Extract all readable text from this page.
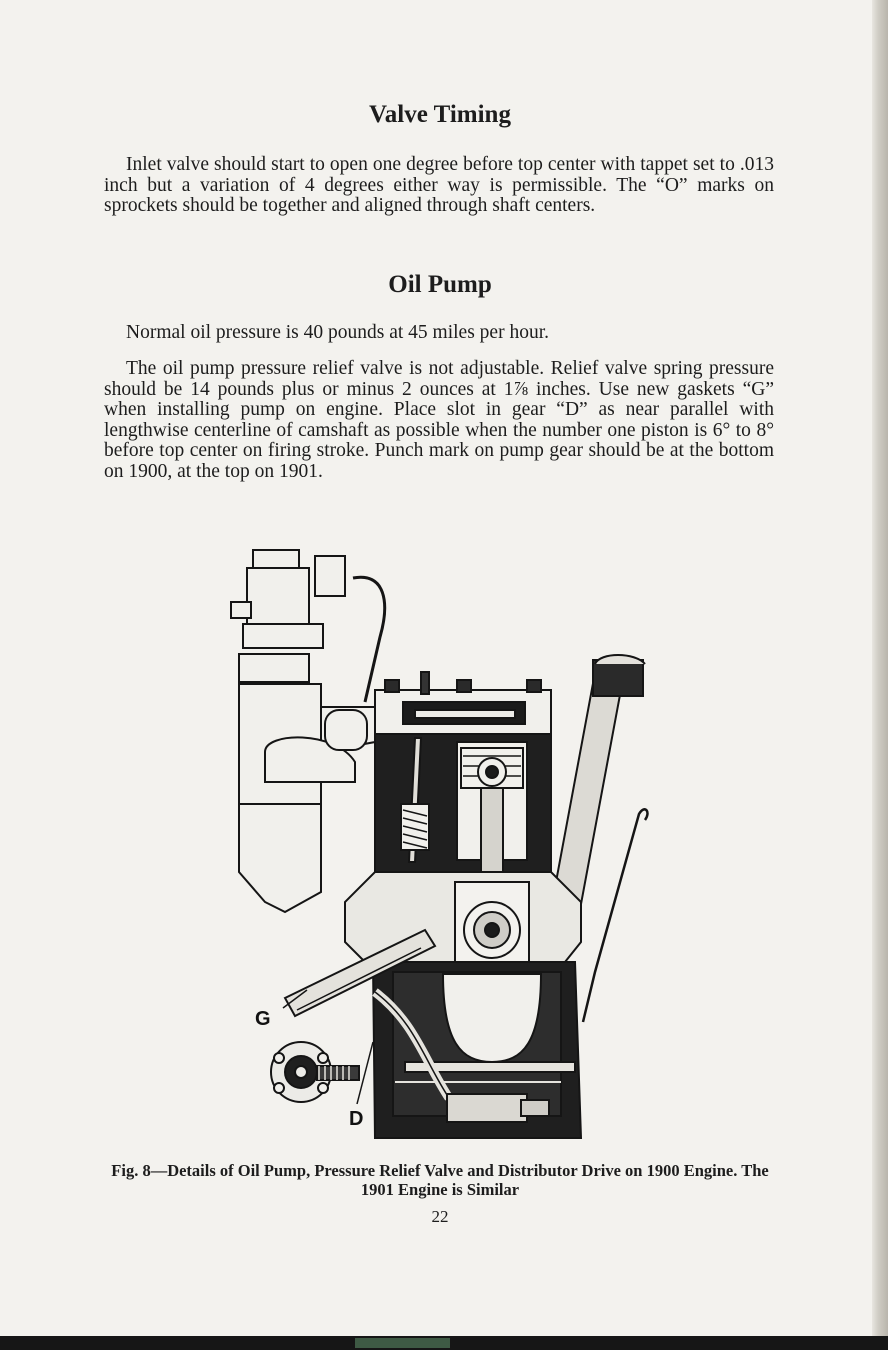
Valve Timing

Inlet valve should start to open one degree before top center with tappet set to .013 inch but a variation of 4 degrees either way is permissible. The “O” marks on sprockets should be together and aligned through shaft centers.

Oil Pump

Normal oil pressure is 40 pounds at 45 miles per hour.

The oil pump pressure relief valve is not adjustable. Relief valve spring pressure should be 14 pounds plus or minus 2 ounces at 1⅞ inches. Use new gaskets “G” when installing pump on engine. Place slot in gear “D” as near parallel with lengthwise centerline of camshaft as possible when the number one piston is 6° to 8° before top center on firing stroke. Punch mark on pump gear should be at the bottom on 1900, at the top on 1901.

G
D

Fig. 8—Details of Oil Pump, Pressure Relief Valve and Distributor Drive on 1900 Engine. The 1901 Engine is Similar

22
